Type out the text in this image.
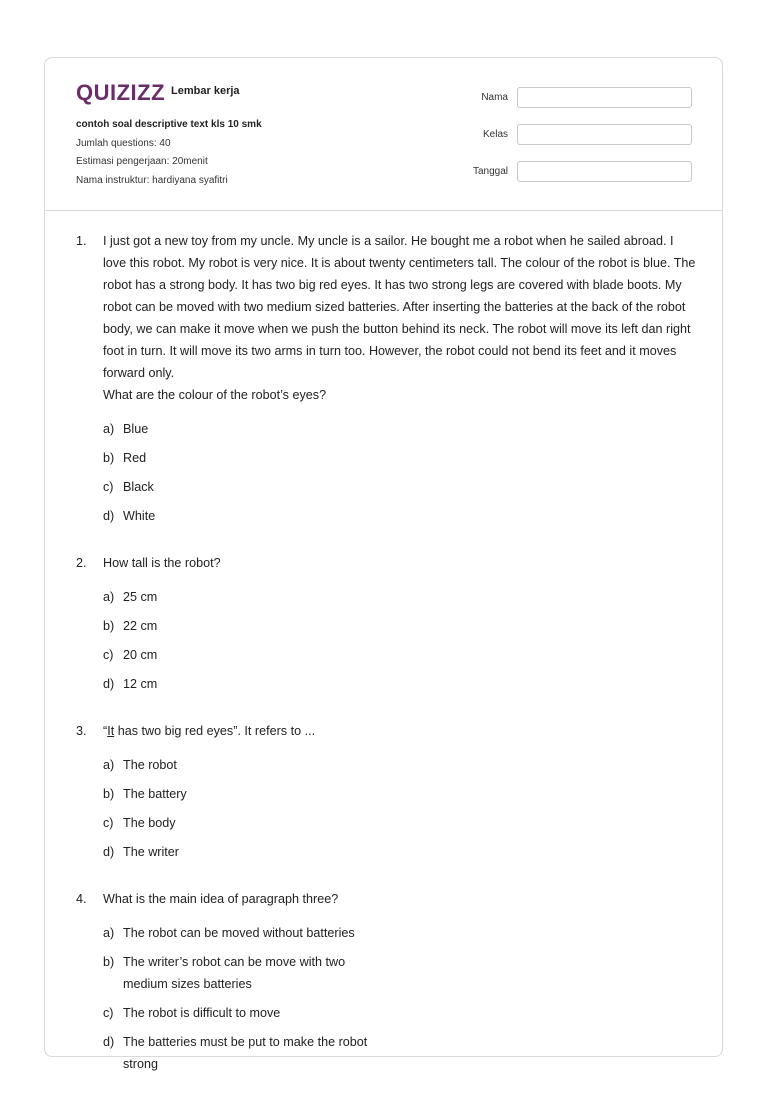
QUIZIZZ Lembar kerja
contoh soal descriptive text kls 10 smk
Jumlah questions: 40
Estimasi pengerjaan: 20menit
Nama instruktur: hardiyana syafitri
Nama
Kelas
Tanggal
1.	I just got a new toy from my uncle. My uncle is a sailor. He bought me a robot when he sailed abroad. I love this robot. My robot is very nice. It is about twenty centimeters tall. The colour of the robot is blue. The robot has a strong body. It has two big red eyes. It has two strong legs are covered with blade boots. My robot can be moved with two medium sized batteries. After inserting the batteries at the back of the robot body, we can make it move when we push the button behind its neck. The robot will move its left dan right foot in turn. It will move its two arms in turn too. However, the robot could not bend its feet and it moves forward only.
What are the colour of the robot’s eyes?
a) Blue
b) Red
c) Black
d) White
2.	How tall is the robot?
a) 25 cm
b) 22 cm
c) 20 cm
d) 12 cm
3.	“It has two big red eyes”. It refers to ...
a) The robot
b) The battery
c) The body
d) The writer
4.	What is the main idea of paragraph three?
a) The robot can be moved without batteries
b) The writer’s robot can be move with two medium sizes batteries
c) The robot is difficult to move
d) The batteries must be put to make the robot strong
